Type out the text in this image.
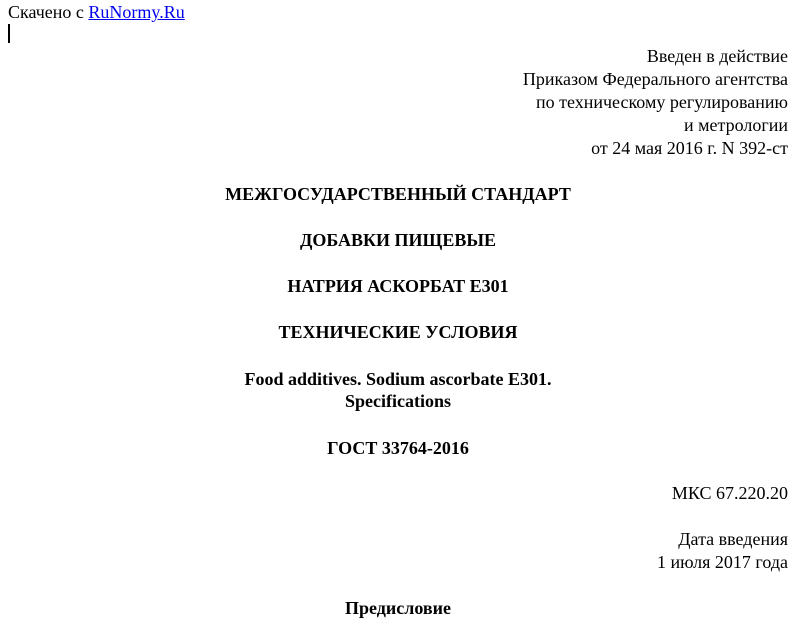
Скачено с RuNormy.Ru
Введен в действие
Приказом Федерального агентства
по техническому регулированию
и метрологии
от 24 мая 2016 г. N 392-ст
МЕЖГОСУДАРСТВЕННЫЙ СТАНДАРТ
ДОБАВКИ ПИЩЕВЫЕ
НАТРИЯ АСКОРБАТ Е301
ТЕХНИЧЕСКИЕ УСЛОВИЯ
Food additives. Sodium ascorbate E301.
Specifications
ГОСТ 33764-2016
МКС 67.220.20
Дата введения
1 июля 2017 года
Предисловие
